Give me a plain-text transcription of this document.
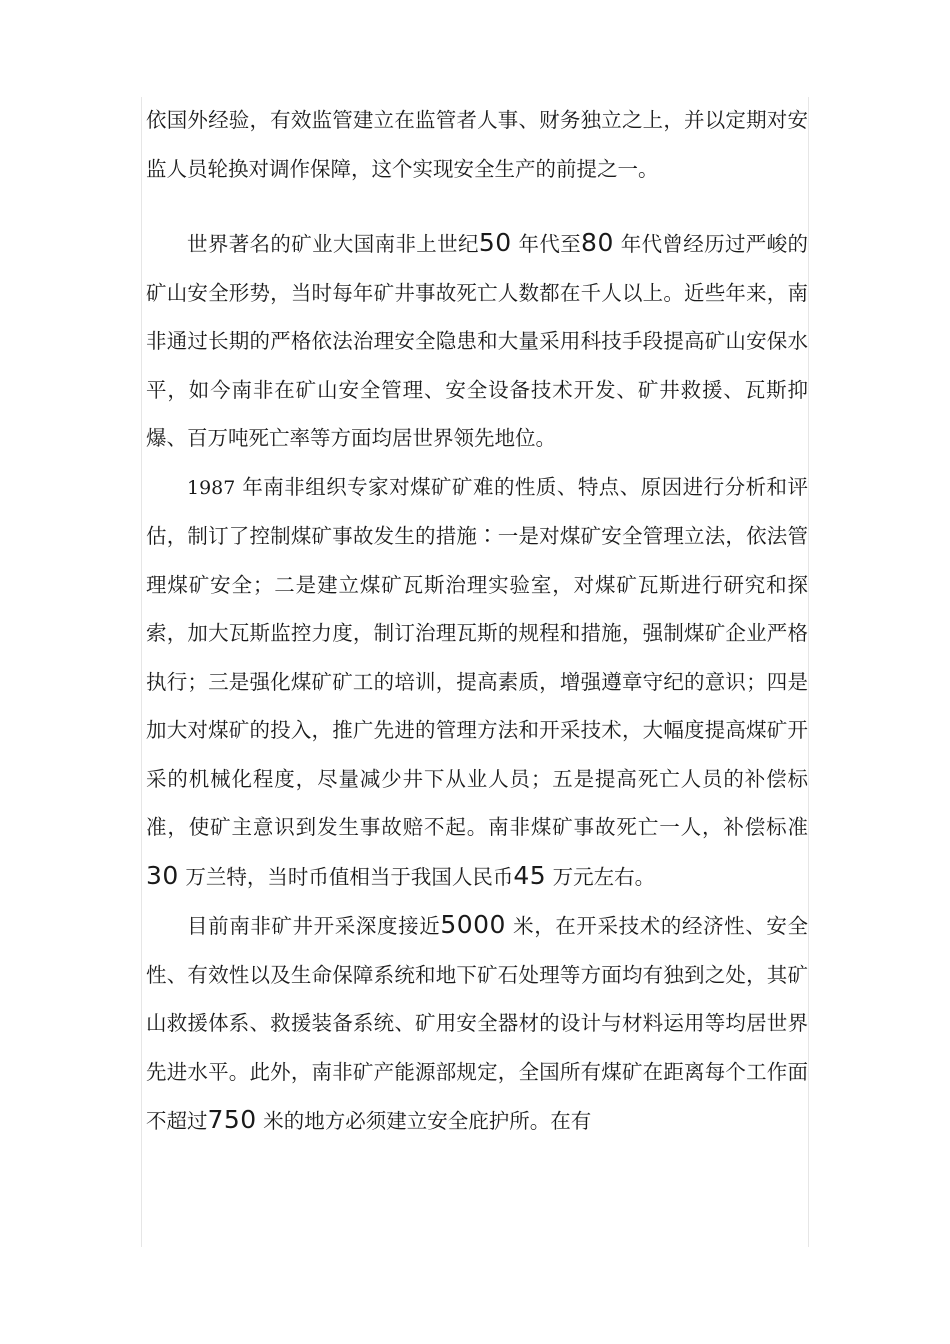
依国外经验，有效监管建立在监管者人事、财务独立之上，并以定期对安监人员轮换对调作保障，这个实现安全生产的前提之一。

世界著名的矿业大国南非上世纪50 年代至80 年代曾经历过严峻的矿山安全形势，当时每年矿井事故死亡人数都在千人以上。近些年来，南非通过长期的严格依法治理安全隐患和大量采用科技手段提高矿山安保水平，如今南非在矿山安全管理、安全设备技术开发、矿井救援、瓦斯抑爆、百万吨死亡率等方面均居世界领先地位。

1987 年南非组织专家对煤矿矿难的性质、特点、原因进行分析和评估，制订了控制煤矿事故发生的措施∶一是对煤矿安全管理立法，依法管理煤矿安全；二是建立煤矿瓦斯治理实验室，对煤矿瓦斯进行研究和探索，加大瓦斯监控力度，制订治理瓦斯的规程和措施，强制煤矿企业严格执行；三是强化煤矿矿工的培训，提高素质，增强遵章守纪的意识；四是加大对煤矿的投入，推广先进的管理方法和开采技术，大幅度提高煤矿开采的机械化程度，尽量减少井下从业人员；五是提高死亡人员的补偿标准，使矿主意识到发生事故赔不起。南非煤矿事故死亡一人，补偿标准30 万兰特，当时币值相当于我国人民币45 万元左右。

目前南非矿井开采深度接近5000 米，在开采技术的经济性、安全性、有效性以及生命保障系统和地下矿石处理等方面均有独到之处，其矿山救援体系、救援装备系统、矿用安全器材的设计与材料运用等均居世界先进水平。此外，南非矿产能源部规定，全国所有煤矿在距离每个工作面不超过750 米的地方必须建立安全庇护所。在有
